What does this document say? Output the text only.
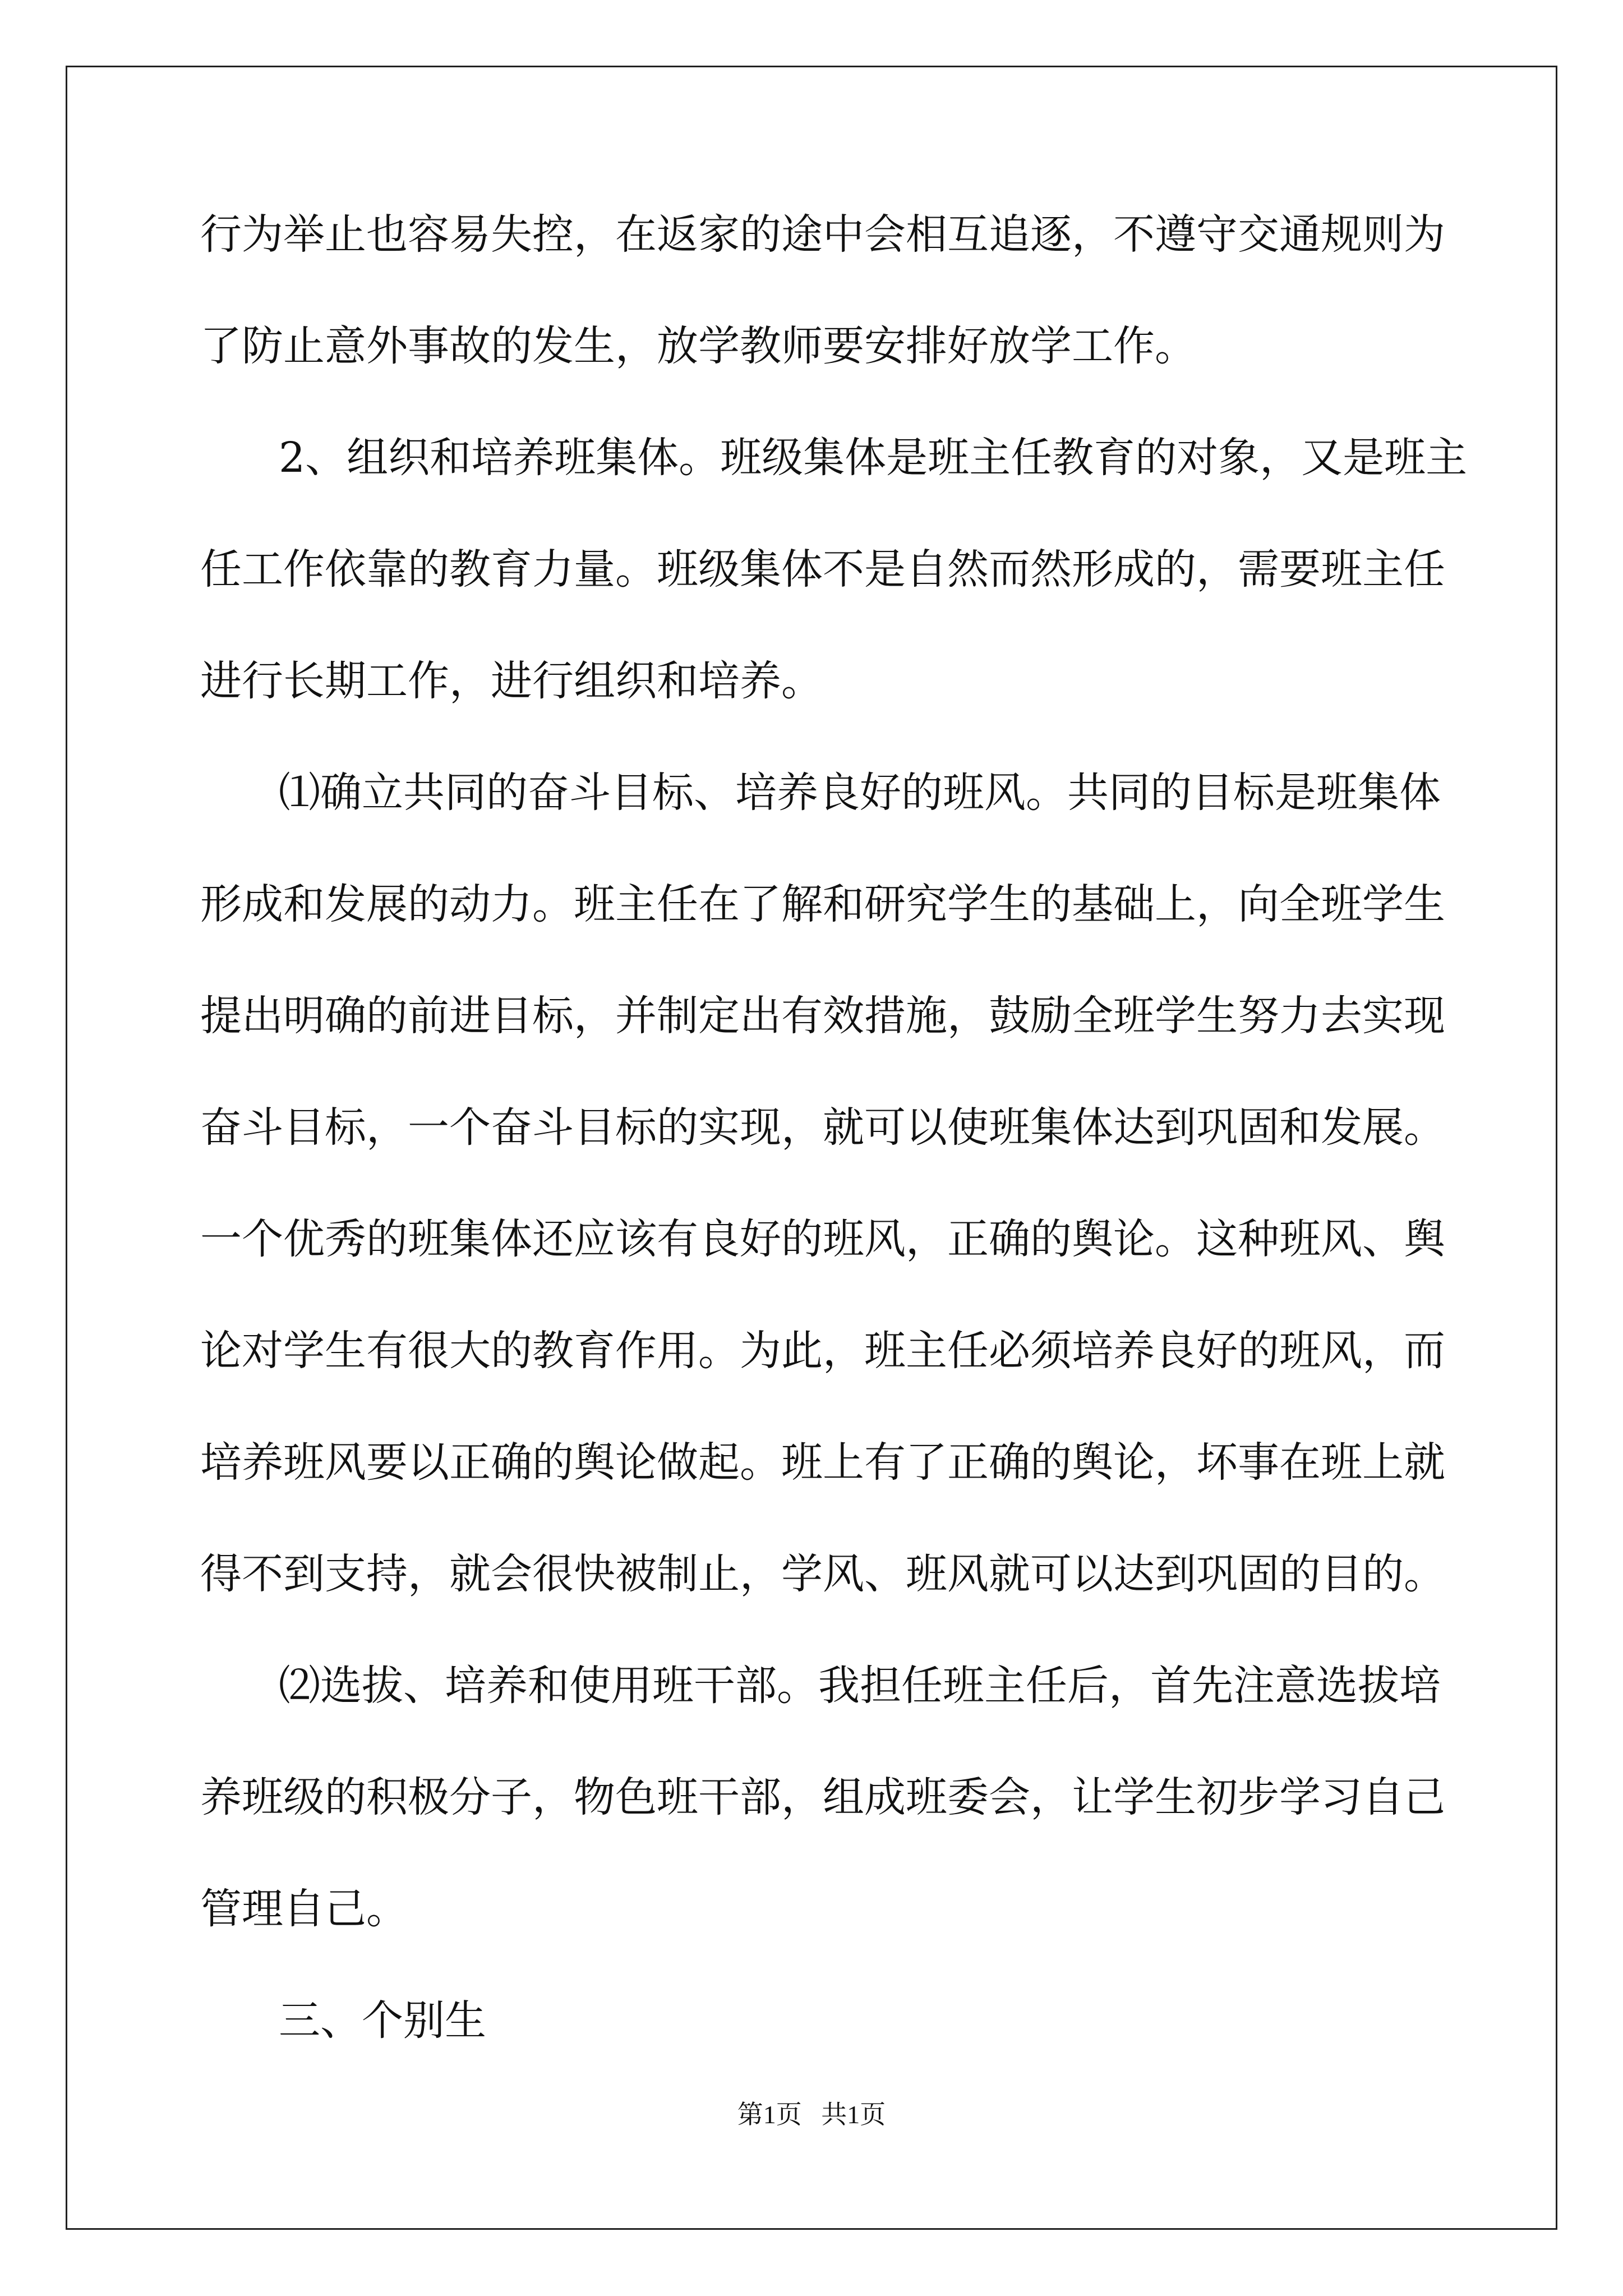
行为举止也容易失控，在返家的途中会相互追逐，不遵守交通规则为
了防止意外事故的发生，放学教师要安排好放学工作。
2、组织和培养班集体。班级集体是班主任教育的对象，又是班主
任工作依靠的教育力量。班级集体不是自然而然形成的，需要班主任
进行长期工作，进行组织和培养。
⑴确立共同的奋斗目标、培养良好的班风。共同的目标是班集体
形成和发展的动力。班主任在了解和研究学生的基础上，向全班学生
提出明确的前进目标，并制定出有效措施，鼓励全班学生努力去实现
奋斗目标，一个奋斗目标的实现，就可以使班集体达到巩固和发展。
一个优秀的班集体还应该有良好的班风，正确的舆论。这种班风、舆
论对学生有很大的教育作用。为此，班主任必须培养良好的班风，而
培养班风要以正确的舆论做起。班上有了正确的舆论，坏事在班上就
得不到支持，就会很快被制止，学风、班风就可以达到巩固的目的。
⑵选拔、培养和使用班干部。我担任班主任后，首先注意选拔培
养班级的积极分子，物色班干部，组成班委会，让学生初步学习自己
管理自己。
三、个别生
第1页   共1页
